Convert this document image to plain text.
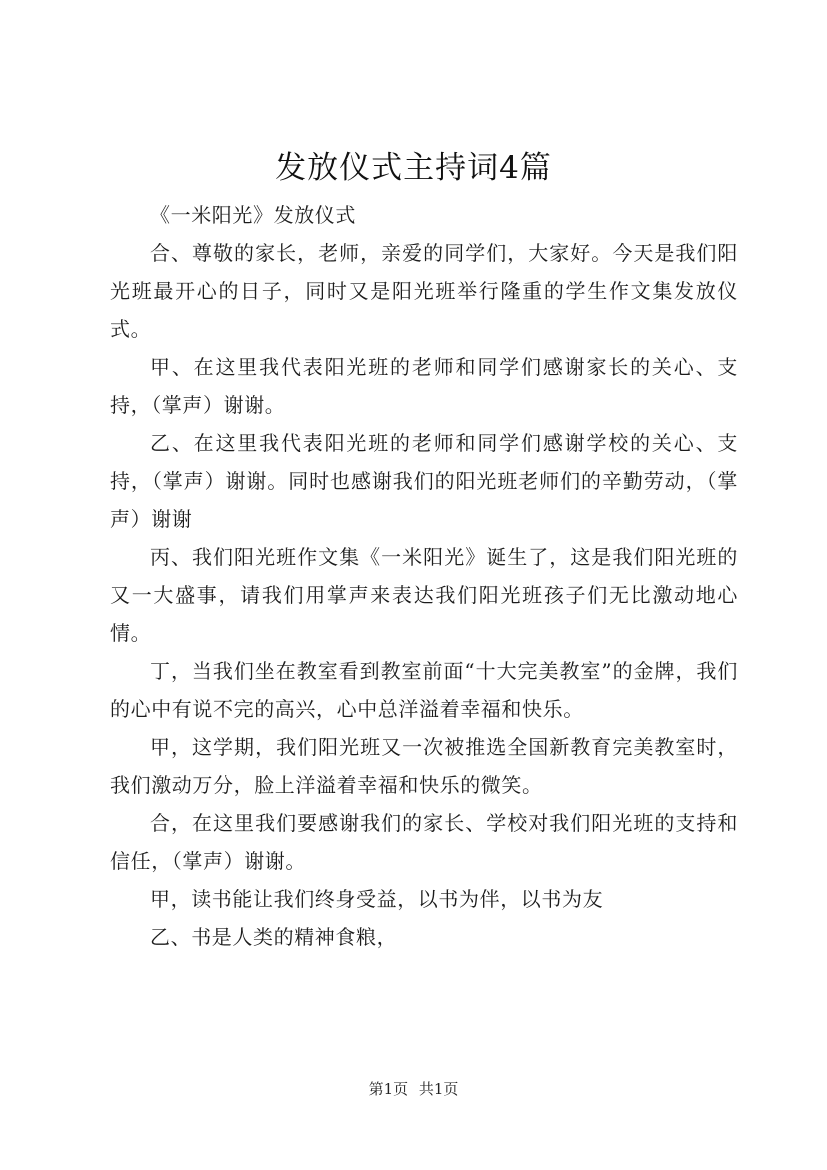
发放仪式主持词4篇

《一米阳光》发放仪式

合、尊敬的家长，老师，亲爱的同学们，大家好。今天是我们阳光班最开心的日子，同时又是阳光班举行隆重的学生作文集发放仪式。

甲、在这里我代表阳光班的老师和同学们感谢家长的关心、支持，（掌声）谢谢。

乙、在这里我代表阳光班的老师和同学们感谢学校的关心、支持，（掌声）谢谢。同时也感谢我们的阳光班老师们的辛勤劳动，（掌声）谢谢

丙、我们阳光班作文集《一米阳光》诞生了，这是我们阳光班的又一大盛事，请我们用掌声来表达我们阳光班孩子们无比激动地心情。

丁，当我们坐在教室看到教室前面“十大完美教室”的金牌，我们的心中有说不完的高兴，心中总洋溢着幸福和快乐。

甲，这学期，我们阳光班又一次被推选全国新教育完美教室时，我们激动万分，脸上洋溢着幸福和快乐的微笑。

合，在这里我们要感谢我们的家长、学校对我们阳光班的支持和信任，（掌声）谢谢。

甲，读书能让我们终身受益，以书为伴，以书为友

乙、书是人类的精神食粮，

第1页 共1页
